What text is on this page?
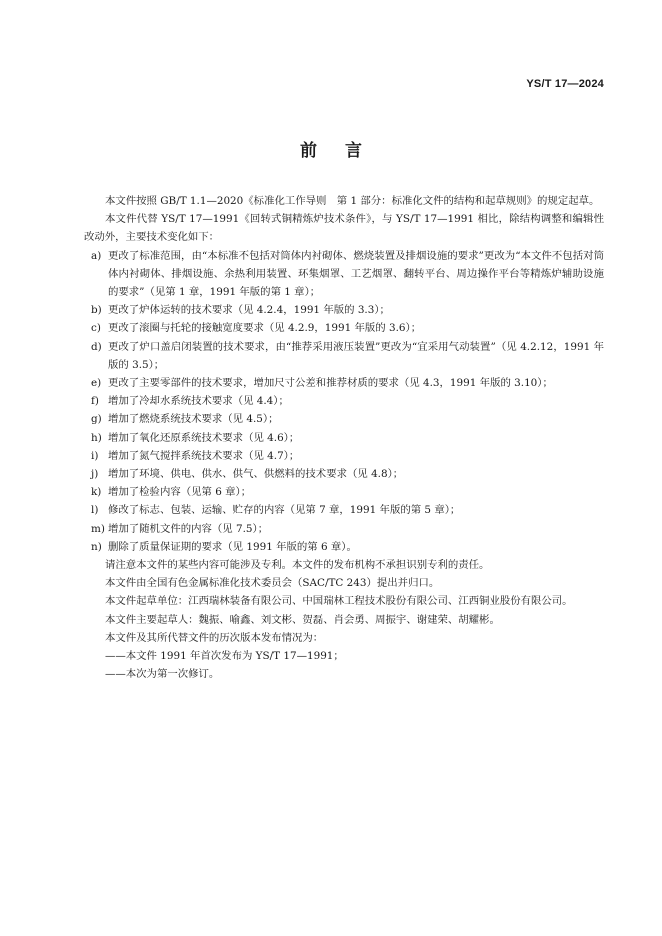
YS/T 17—2024
前言

本文件按照 GB/T 1.1—2020《标准化工作导则　第 1 部分：标准化文件的结构和起草规则》的规定起草。

本文件代替 YS/T 17—1991《回转式铜精炼炉技术条件》，与 YS/T 17—1991 相比，除结构调整和编辑性改动外，主要技术变化如下：

a) 更改了标准范围，由“本标准不包括对筒体内衬砌体、燃烧装置及排烟设施的要求”更改为“本文件不包括对筒体内衬砌体、排烟设施、余热利用装置、环集烟罩、工艺烟罩、翻转平台、周边操作平台等精炼炉辅助设施的要求”（见第 1 章，1991 年版的第 1 章）；
b) 更改了炉体运转的技术要求（见 4.2.4，1991 年版的 3.3）；
c) 更改了滚圈与托轮的接触宽度要求（见 4.2.9，1991 年版的 3.6）；
d) 更改了炉口盖启闭装置的技术要求，由“推荐采用液压装置”更改为“宜采用气动装置”（见 4.2.12，1991 年版的 3.5）；
e) 更改了主要零部件的技术要求，增加尺寸公差和推荐材质的要求（见 4.3，1991 年版的 3.10）；
f) 增加了冷却水系统技术要求（见 4.4）；
g) 增加了燃烧系统技术要求（见 4.5）；
h) 增加了氧化还原系统技术要求（见 4.6）；
i) 增加了氮气搅拌系统技术要求（见 4.7）；
j) 增加了环境、供电、供水、供气、供燃料的技术要求（见 4.8）；
k) 增加了检验内容（见第 6 章）；
l) 修改了标志、包装、运输、贮存的内容（见第 7 章，1991 年版的第 5 章）；
m) 增加了随机文件的内容（见 7.5）；
n) 删除了质量保证期的要求（见 1991 年版的第 6 章）。

请注意本文件的某些内容可能涉及专利。本文件的发布机构不承担识别专利的责任。

本文件由全国有色金属标准化技术委员会（SAC/TC 243）提出并归口。

本文件起草单位：江西瑞林装备有限公司、中国瑞林工程技术股份有限公司、江西铜业股份有限公司。

本文件主要起草人：魏振、喻鑫、刘文彬、贺磊、肖会勇、周振宇、谢建荣、胡耀彬。

本文件及其所代替文件的历次版本发布情况为：

——本文件 1991 年首次发布为 YS/T 17—1991；

——本次为第一次修订。
